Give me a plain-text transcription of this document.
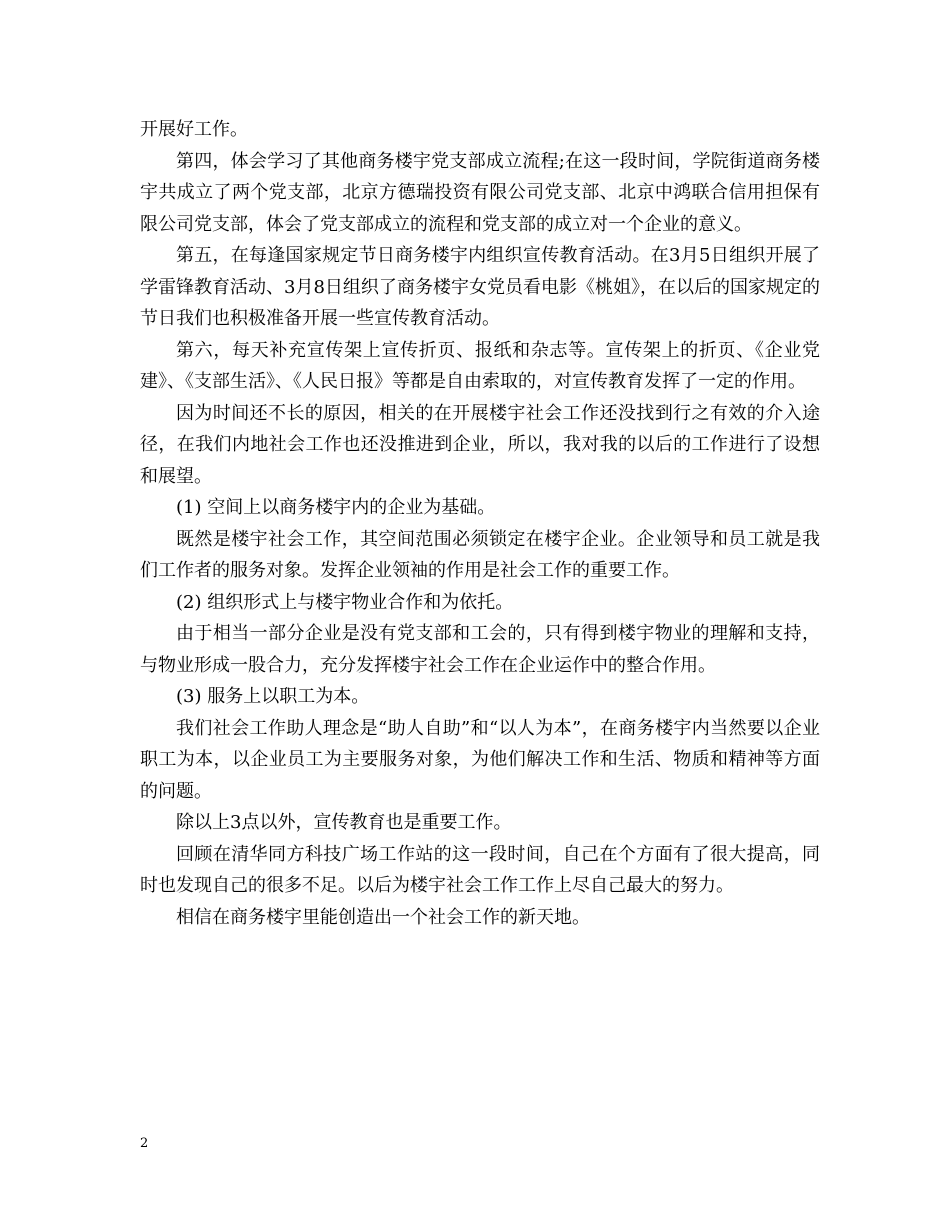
开展好工作。

第四，体会学习了其他商务楼宇党支部成立流程;在这一段时间，学院街道商务楼宇共成立了两个党支部，北京方德瑞投资有限公司党支部、北京中鸿联合信用担保有限公司党支部，体会了党支部成立的流程和党支部的成立对一个企业的意义。

第五，在每逢国家规定节日商务楼宇内组织宣传教育活动。在3月5日组织开展了学雷锋教育活动、3月8日组织了商务楼宇女党员看电影《桃姐》，在以后的国家规定的节日我们也积极准备开展一些宣传教育活动。

第六，每天补充宣传架上宣传折页、报纸和杂志等。宣传架上的折页、《企业党建》、《支部生活》、《人民日报》等都是自由索取的，对宣传教育发挥了一定的作用。

因为时间还不长的原因，相关的在开展楼宇社会工作还没找到行之有效的介入途径，在我们内地社会工作也还没推进到企业，所以，我对我的以后的工作进行了设想和展望。

(1) 空间上以商务楼宇内的企业为基础。

既然是楼宇社会工作，其空间范围必须锁定在楼宇企业。企业领导和员工就是我们工作者的服务对象。发挥企业领袖的作用是社会工作的重要工作。

(2) 组织形式上与楼宇物业合作和为依托。

由于相当一部分企业是没有党支部和工会的，只有得到楼宇物业的理解和支持，与物业形成一股合力，充分发挥楼宇社会工作在企业运作中的整合作用。

(3) 服务上以职工为本。

我们社会工作助人理念是“助人自助”和“以人为本”，在商务楼宇内当然要以企业职工为本，以企业员工为主要服务对象，为他们解决工作和生活、物质和精神等方面的问题。

除以上3点以外，宣传教育也是重要工作。

回顾在清华同方科技广场工作站的这一段时间，自己在个方面有了很大提高，同时也发现自己的很多不足。以后为楼宇社会工作工作上尽自己最大的努力。

相信在商务楼宇里能创造出一个社会工作的新天地。

2
